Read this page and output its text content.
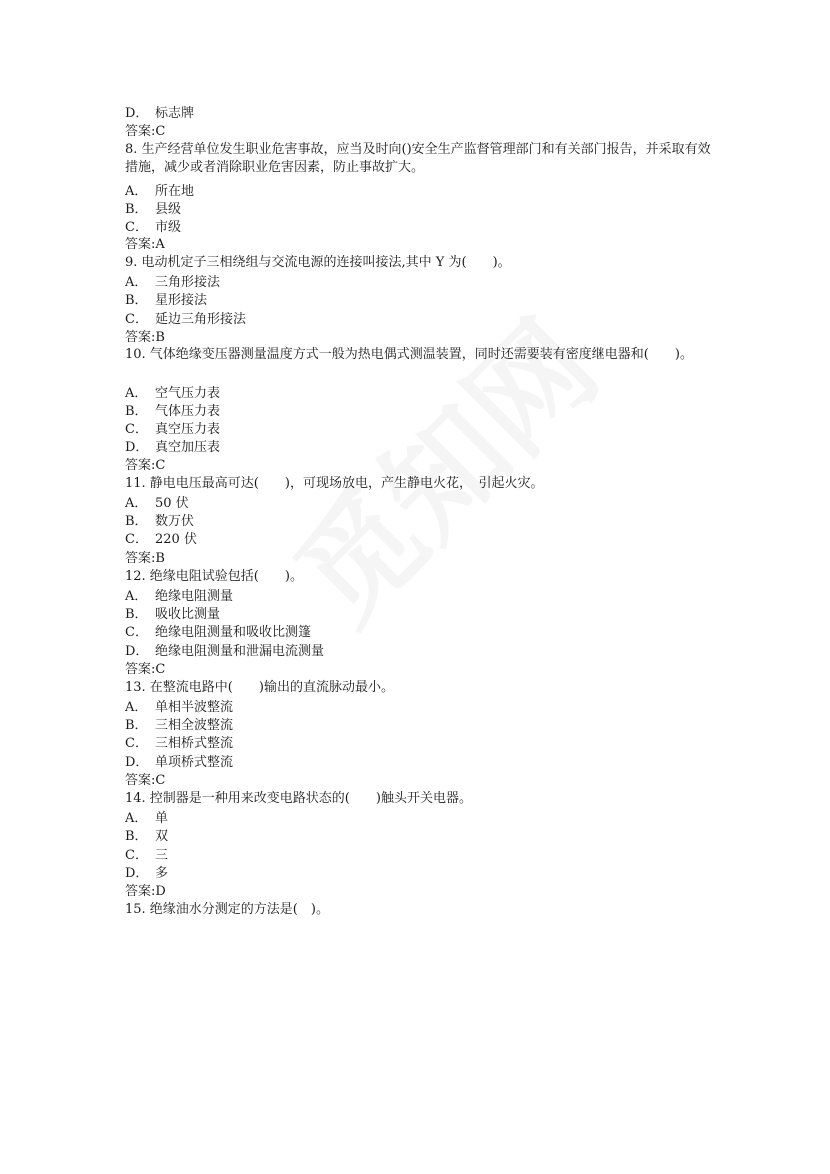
D． 标志牌
答案:C
8. 生产经营单位发生职业危害事故，应当及时向()安全生产监督管理部门和有关部门报告，并采取有效措施，减少或者消除职业危害因素，防止事故扩大。
A． 所在地
B． 县级
C． 市级
答案:A
9. 电动机定子三相绕组与交流电源的连接叫接法,其中 Y 为(　　)。
A． 三角形接法
B． 星形接法
C． 延边三角形接法
答案:B
10. 气体绝缘变压器测量温度方式一般为热电偶式测温装置，同时还需要装有密度继电器和(　　)。
A． 空气压力表
B． 气体压力表
C． 真空压力表
D． 真空加压表
答案:C
11. 静电电压最高可达(　　)，可现场放电，产生静电火花，　引起火灾。
A． 50 伏
B． 数万伏
C． 220 伏
答案:B
12. 绝缘电阻试验包括(　　)。
A． 绝缘电阻测量
B． 吸收比测量
C． 绝缘电阻测量和吸收比测篷
D． 绝缘电阻测量和泄漏电流测量
答案:C
13. 在整流电路中(　　)输出的直流脉动最小。
A． 单相半波整流
B． 三相全波整流
C． 三相桥式整流
D． 单项桥式整流
答案:C
14. 控制器是一种用来改变电路状态的(　　)触头开关电器。
A． 单
B． 双
C． 三
D． 多
答案:D
15. 绝缘油水分测定的方法是(　)。
